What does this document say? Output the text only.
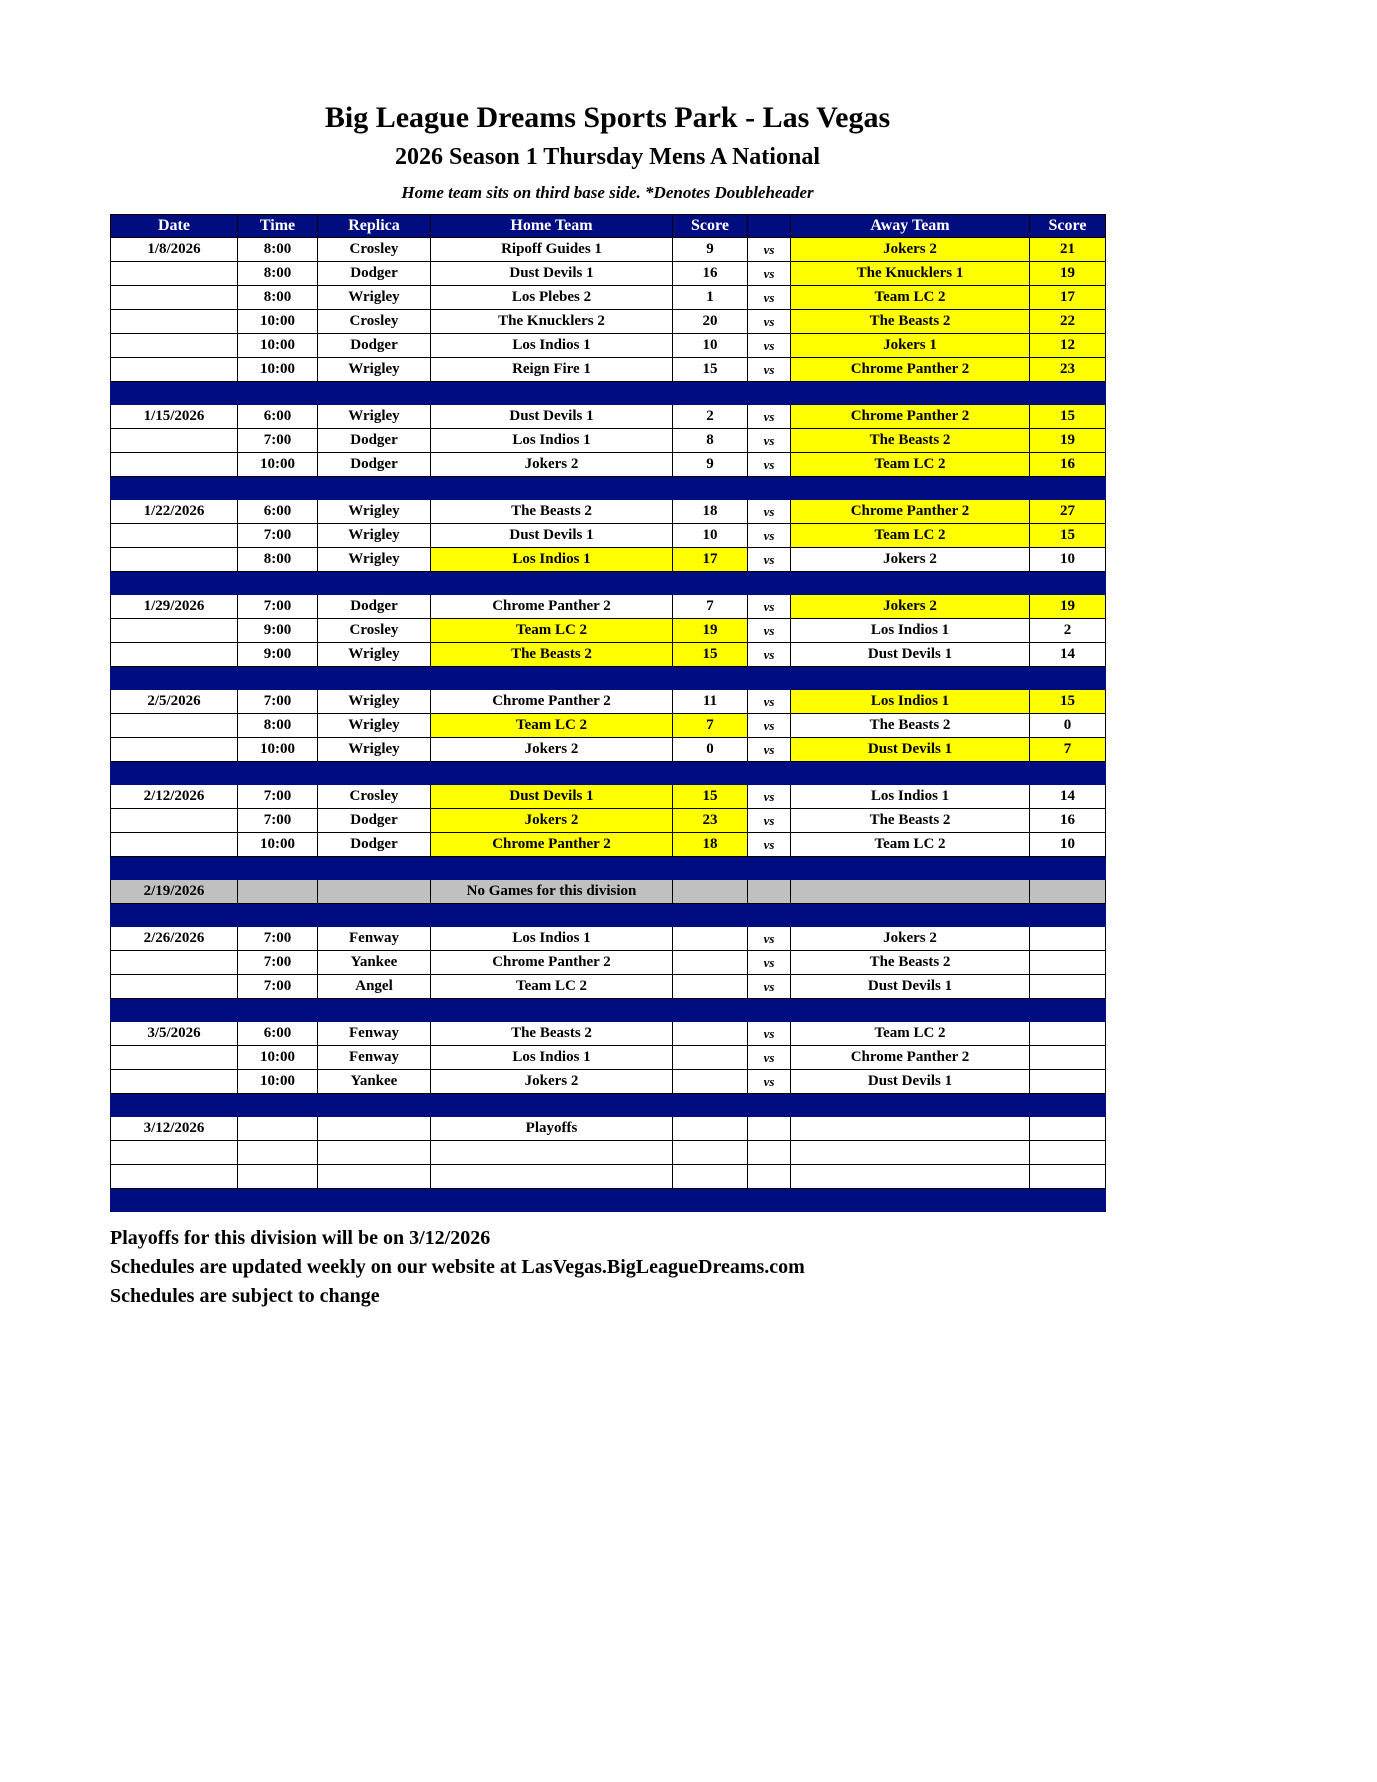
Big League Dreams Sports Park - Las Vegas
2026 Season 1 Thursday Mens A National
Home team sits on third base side. *Denotes Doubleheader
Date	Time	Replica	Home Team	Score		Away Team	Score
1/8/2026	8:00	Crosley	Ripoff Guides 1	9	vs	Jokers 2	21
	8:00	Dodger	Dust Devils 1	16	vs	The Knucklers 1	19
	8:00	Wrigley	Los Plebes 2	1	vs	Team LC 2	17
	10:00	Crosley	The Knucklers 2	20	vs	The Beasts 2	22
	10:00	Dodger	Los Indios 1	10	vs	Jokers 1	12
	10:00	Wrigley	Reign Fire 1	15	vs	Chrome Panther 2	23

1/15/2026	6:00	Wrigley	Dust Devils 1	2	vs	Chrome Panther 2	15
	7:00	Dodger	Los Indios 1	8	vs	The Beasts 2	19
	10:00	Dodger	Jokers 2	9	vs	Team LC 2	16

1/22/2026	6:00	Wrigley	The Beasts 2	18	vs	Chrome Panther 2	27
	7:00	Wrigley	Dust Devils 1	10	vs	Team LC 2	15
	8:00	Wrigley	Los Indios 1	17	vs	Jokers 2	10

1/29/2026	7:00	Dodger	Chrome Panther 2	7	vs	Jokers 2	19
	9:00	Crosley	Team LC 2	19	vs	Los Indios 1	2
	9:00	Wrigley	The Beasts 2	15	vs	Dust Devils 1	14

2/5/2026	7:00	Wrigley	Chrome Panther 2	11	vs	Los Indios 1	15
	8:00	Wrigley	Team LC 2	7	vs	The Beasts 2	0
	10:00	Wrigley	Jokers 2	0	vs	Dust Devils 1	7

2/12/2026	7:00	Crosley	Dust Devils 1	15	vs	Los Indios 1	14
	7:00	Dodger	Jokers 2	23	vs	The Beasts 2	16
	10:00	Dodger	Chrome Panther 2	18	vs	Team LC 2	10

2/19/2026			No Games for this division				

2/26/2026	7:00	Fenway	Los Indios 1		vs	Jokers 2	
	7:00	Yankee	Chrome Panther 2		vs	The Beasts 2	
	7:00	Angel	Team LC 2		vs	Dust Devils 1	

3/5/2026	6:00	Fenway	The Beasts 2		vs	Team LC 2	
	10:00	Fenway	Los Indios 1		vs	Chrome Panther 2	
	10:00	Yankee	Jokers 2		vs	Dust Devils 1	

3/12/2026			Playoffs				

Playoffs for this division will be on 3/12/2026
Schedules are updated weekly on our website at LasVegas.BigLeagueDreams.com
Schedules are subject to change
